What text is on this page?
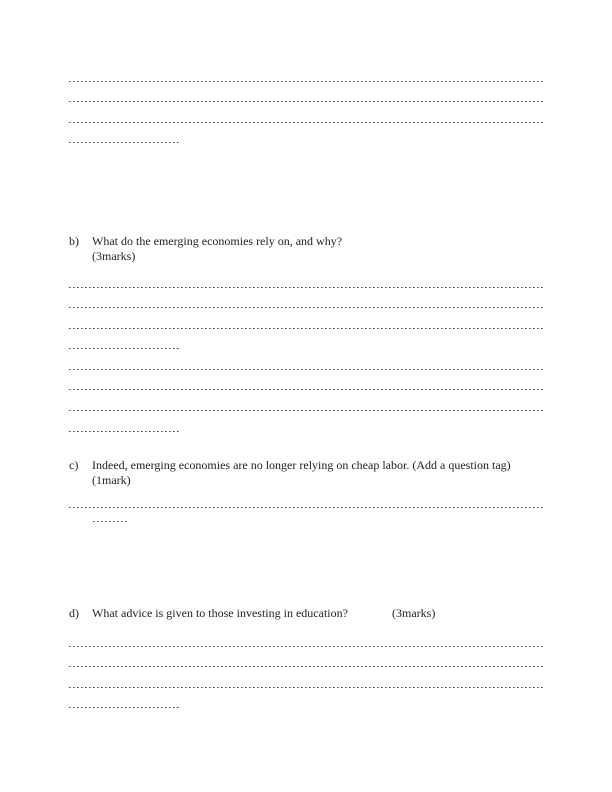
b)	What do the emerging economies rely on, and why?
(3marks)
c)	Indeed, emerging economies are no longer relying on cheap labor. (Add a question tag)
(1mark)
d)	What advice is given to those investing in education?	(3marks)
